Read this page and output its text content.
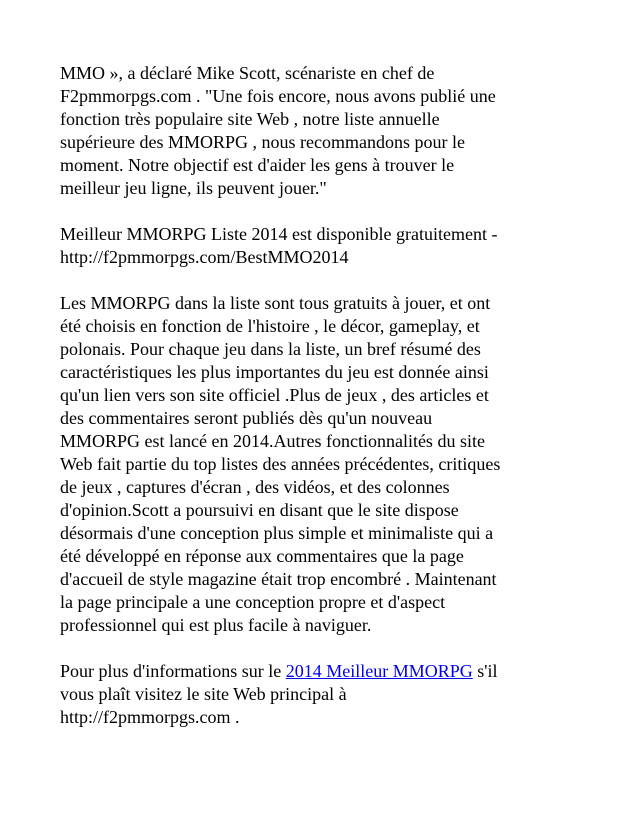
MMO », a déclaré Mike Scott, scénariste en chef de
F2pmmorpgs.com . "Une fois encore, nous avons publié une
fonction très populaire site Web , notre liste annuelle
supérieure des MMORPG , nous recommandons pour le
moment. Notre objectif est d'aider les gens à trouver le
meilleur jeu ligne, ils peuvent jouer."

Meilleur MMORPG Liste 2014 est disponible gratuitement -
http://f2pmmorpgs.com/BestMMO2014

Les MMORPG dans la liste sont tous gratuits à jouer, et ont
été choisis en fonction de l'histoire , le décor, gameplay, et
polonais. Pour chaque jeu dans la liste, un bref résumé des
caractéristiques les plus importantes du jeu est donnée ainsi
qu'un lien vers son site officiel .Plus de jeux , des articles et
des commentaires seront publiés dès qu'un nouveau
MMORPG est lancé en 2014.Autres fonctionnalités du site
Web fait partie du top listes des années précédentes, critiques
de jeux , captures d'écran , des vidéos, et des colonnes
d'opinion.Scott a poursuivi en disant que le site dispose
désormais d'une conception plus simple et minimaliste qui a
été développé en réponse aux commentaires que la page
d'accueil de style magazine était trop encombré . Maintenant
la page principale a une conception propre et d'aspect
professionnel qui est plus facile à naviguer.

Pour plus d'informations sur le 2014 Meilleur MMORPG s'il
vous plaît visitez le site Web principal à
http://f2pmmorpgs.com .
